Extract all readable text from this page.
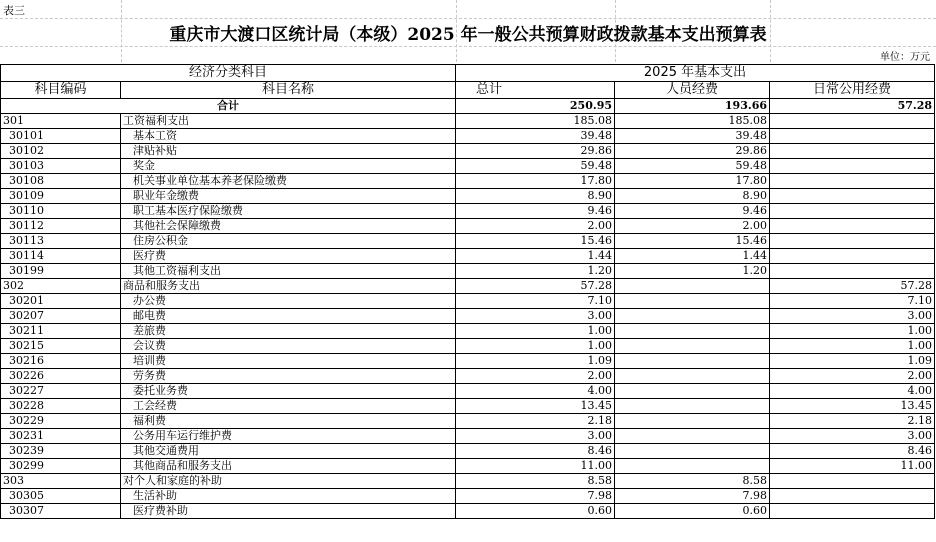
表三
重庆市大渡口区统计局（本级）2025 年一般公共预算财政拨款基本支出预算表
单位：万元
经济分类科目		2025 年基本支出		
科目编码	科目名称	总计	人员经费	日常公用经费
合计		250.95	193.66	57.28
301	工资福利支出	185.08	185.08	
30101	基本工资	39.48	39.48	
30102	津贴补贴	29.86	29.86	
30103	奖金	59.48	59.48	
30108	机关事业单位基本养老保险缴费	17.80	17.80	
30109	职业年金缴费	8.90	8.90	
30110	职工基本医疗保险缴费	9.46	9.46	
30112	其他社会保障缴费	2.00	2.00	
30113	住房公积金	15.46	15.46	
30114	医疗费	1.44	1.44	
30199	其他工资福利支出	1.20	1.20	
302	商品和服务支出	57.28		57.28
30201	办公费	7.10		7.10
30207	邮电费	3.00		3.00
30211	差旅费	1.00		1.00
30215	会议费	1.00		1.00
30216	培训费	1.09		1.09
30226	劳务费	2.00		2.00
30227	委托业务费	4.00		4.00
30228	工会经费	13.45		13.45
30229	福利费	2.18		2.18
30231	公务用车运行维护费	3.00		3.00
30239	其他交通费用	8.46		8.46
30299	其他商品和服务支出	11.00		11.00
303	对个人和家庭的补助	8.58	8.58	
30305	生活补助	7.98	7.98	
30307	医疗费补助	0.60	0.60	
